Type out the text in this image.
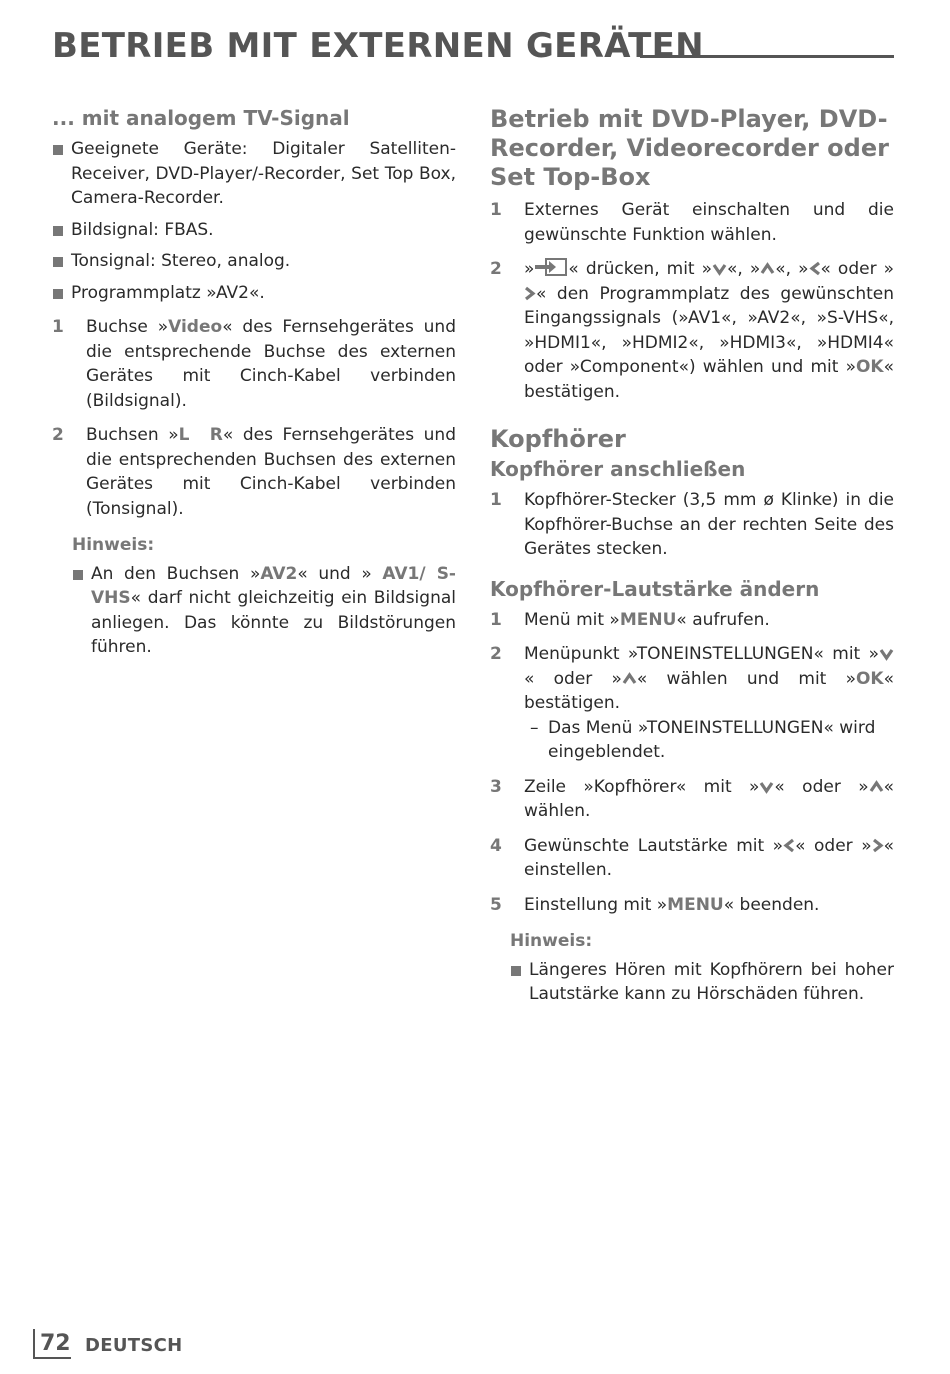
BETRIEB MIT EXTERNEN GERÄTEN
... mit analogem TV-Signal
Geeignete Geräte: Digitaler Satelliten-Receiver, DVD-Player/-Recorder, Set Top Box, Camera-Recorder.
Bildsignal: FBAS.
Tonsignal: Stereo, analog.
Programmplatz »AV2«.
1 Buchse »Video« des Fernsehgerätes und die entsprechende Buchse des externen Gerätes mit Cinch-Kabel verbinden (Bildsignal).
2 Buchsen »L  R« des Fernsehgerätes und die entsprechenden Buchsen des externen Gerätes mit Cinch-Kabel verbinden (Tonsignal).
Hinweis:
An den Buchsen »AV2« und » AV1/ S-VHS« darf nicht gleichzeitig ein Bildsignal anliegen. Das könnte zu Bildstörungen führen.
Betrieb mit DVD-Player, DVD-Recorder, Videorecorder oder Set Top-Box
1 Externes Gerät einschalten und die gewünschte Funktion wählen.
2 » « drücken, mit » «, » «, » « oder »« den Programmplatz des gewünschten Eingangssignals (»AV1«, »AV2«, »S-VHS«, »HDMI1«, »HDMI2«, »HDMI3«, »HDMI4« oder »Component«) wählen und mit »OK« bestätigen.
Kopfhörer
Kopfhörer anschließen
1 Kopfhörer-Stecker (3,5 mm ø Klinke) in die Kopfhörer-Buchse an der rechten Seite des Gerätes stecken.
Kopfhörer-Lautstärke ändern
1 Menü mit »MENU« aufrufen.
2 Menüpunkt »TONEINSTELLUNGEN« mit »« oder » « wählen und mit »OK« bestätigen.
– Das Menü »TONEINSTELLUNGEN« wird eingeblendet.
3 Zeile »Kopfhörer« mit » « oder » « wählen.
4 Gewünschte Lautstärke mit » « oder » « einstellen.
5 Einstellung mit »MENU« beenden.
Hinweis:
Längeres Hören mit Kopfhörern bei hoher Lautstärke kann zu Hörschäden führen.
72 DEUTSCH
